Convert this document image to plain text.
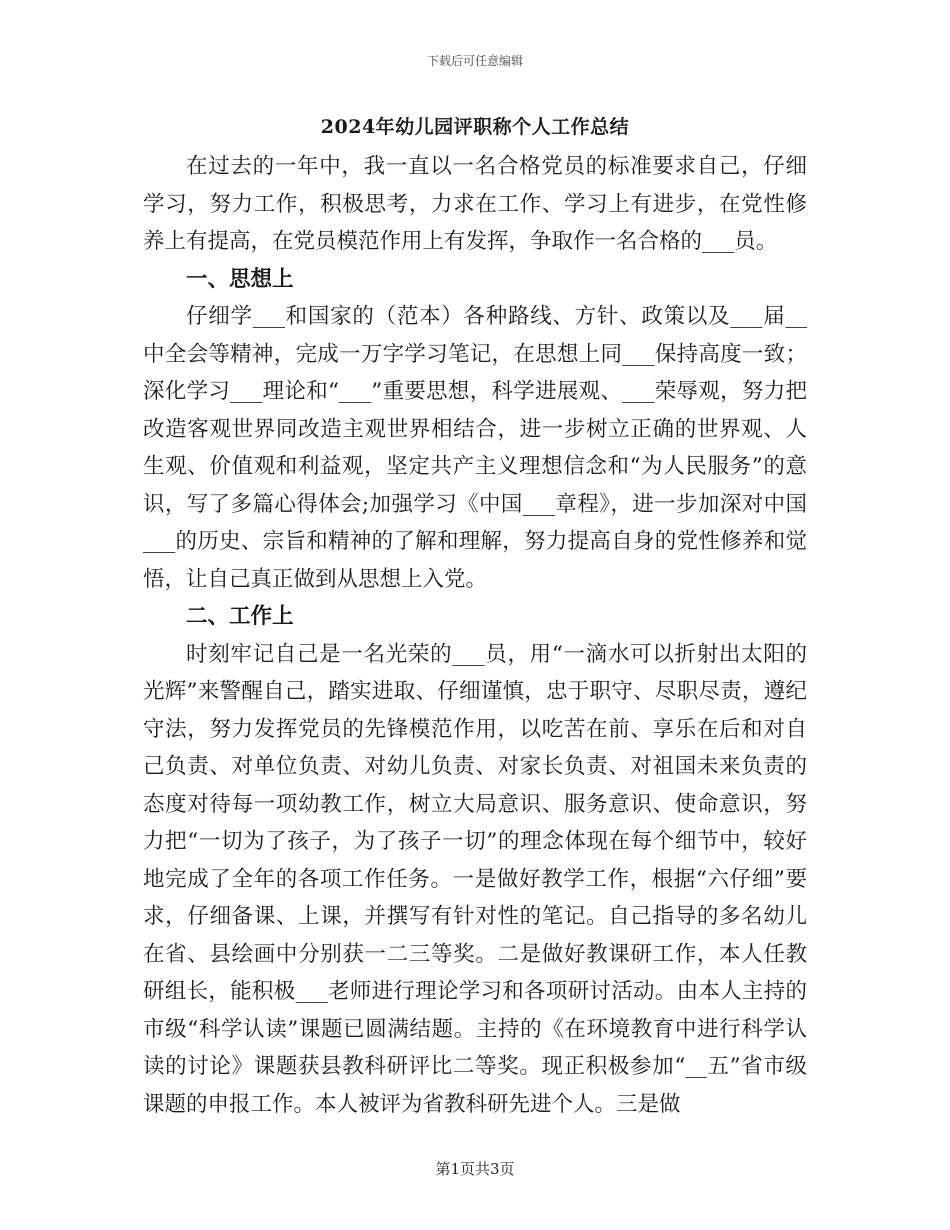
下载后可任意编辑
2024年幼儿园评职称个人工作总结

在过去的一年中，我一直以一名合格党员的标准要求自己，仔细学习，努力工作，积极思考，力求在工作、学习上有进步，在党性修养上有提高，在党员模范作用上有发挥，争取作一名合格的___员。

一、思想上

仔细学___和国家的（范本）各种路线、方针、政策以及___届__中全会等精神，完成一万字学习笔记，在思想上同___保持高度一致；深化学习___理论和“___”重要思想，科学进展观、___荣辱观，努力把改造客观世界同改造主观世界相结合，进一步树立正确的世界观、人生观、价值观和利益观，坚定共产主义理想信念和“为人民服务”的意识，写了多篇心得体会;加强学习《中国___章程》，进一步加深对中国___的历史、宗旨和精神的了解和理解，努力提高自身的党性修养和觉悟，让自己真正做到从思想上入党。

二、工作上

时刻牢记自己是一名光荣的___员，用“一滴水可以折射出太阳的光辉”来警醒自己，踏实进取、仔细谨慎，忠于职守、尽职尽责，遵纪守法，努力发挥党员的先锋模范作用，以吃苦在前、享乐在后和对自己负责、对单位负责、对幼儿负责、对家长负责、对祖国未来负责的态度对待每一项幼教工作，树立大局意识、服务意识、使命意识，努力把“一切为了孩子，为了孩子一切”的理念体现在每个细节中，较好地完成了全年的各项工作任务。一是做好教学工作，根据“六仔细”要求，仔细备课、上课，并撰写有针对性的笔记。自己指导的多名幼儿在省、县绘画中分别获一二三等奖。二是做好教课研工作，本人任教研组长，能积极___老师进行理论学习和各项研讨活动。由本人主持的市级“科学认读”课题已圆满结题。主持的《在环境教育中进行科学认读的讨论》课题获县教科研评比二等奖。现正积极参加“__五”省市级课题的申报工作。本人被评为省教科研先进个人。三是做

第1页共3页
